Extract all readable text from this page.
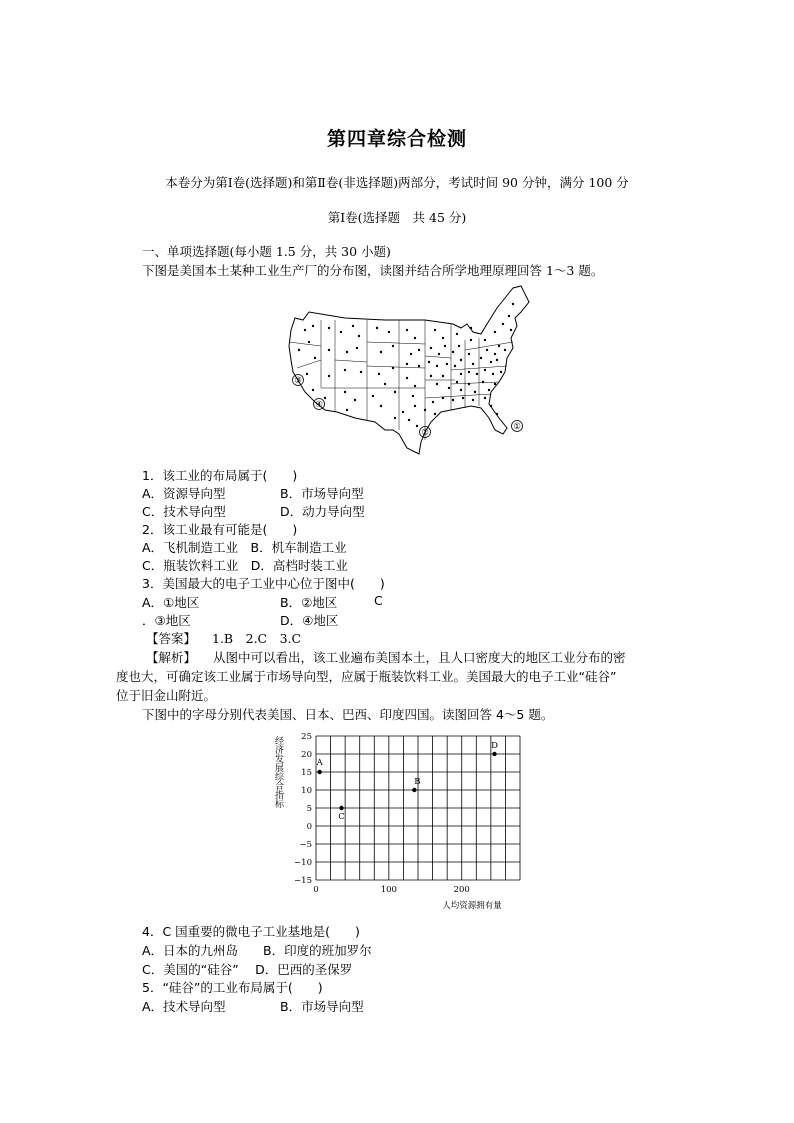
第四章综合检测
本卷分为第Ⅰ卷(选择题)和第Ⅱ卷(非选择题)两部分，考试时间 90 分钟，满分 100 分
第Ⅰ卷(选择题　共 45 分)
一、单项选择题(每小题 1.5 分，共 30 小题)
下图是美国本土某种工业生产厂的分布图，读图并结合所学地理原理回答 1～3 题。
①
②
③
④
1．该工业的布局属于(　　)
A．资源导向型	B．市场导向型
C．技术导向型	D．动力导向型
2．该工业最有可能是(　　)
A．飞机制造工业　B．机车制造工业
C．瓶装饮料工业　D．高档时装工业
3．美国最大的电子工业中心位于图中(　　)
A．①地区	B．②地区	C
．③地区	D．④地区
【答案】 1.B　2.C　3.C
【解析】 从图中可以看出，该工业遍布美国本土，且人口密度大的地区工业分布的密
度也大，可确定该工业属于市场导向型，应属于瓶装饮料工业。美国最大的电子工业“硅谷”
位于旧金山附近。
下图中的字母分别代表美国、日本、巴西、印度四国。读图回答 4～5 题。
25
20
15
10
5
0
−5
−10
−15
0	100	200
A
B
C
D
人均资源拥有量
经济发展综合指标
4．C 国重要的微电子工业基地是(　　)
A．日本的九州岛　　B．印度的班加罗尔
C．美国的“硅谷”　 D．巴西的圣保罗
5．“硅谷”的工业布局属于(　　)
A．技术导向型	B．市场导向型
